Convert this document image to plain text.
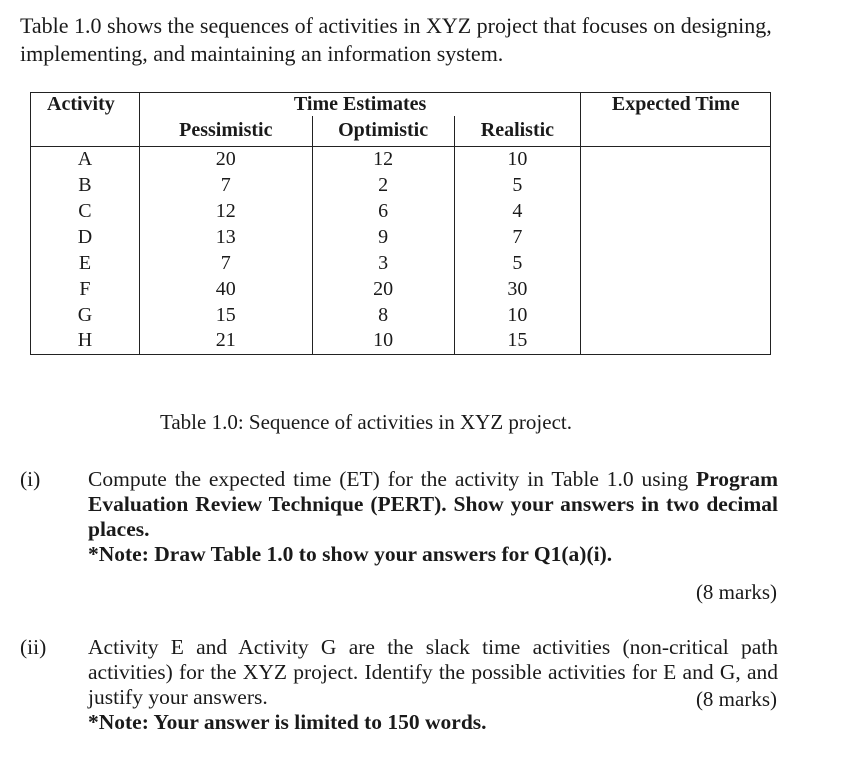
Table 1.0 shows the sequences of activities in XYZ project that focuses on designing, implementing, and maintaining an information system.
Activity	Time Estimates			Expected Time
	Pessimistic	Optimistic	Realistic	
A	20	12	10	
B	7	2	5	
C	12	6	4	
D	13	9	7	
E	7	3	5	
F	40	20	30	
G	15	8	10	
H	21	10	15	
Table 1.0: Sequence of activities in XYZ project.
(i) Compute the expected time (ET) for the activity in Table 1.0 using Program Evaluation Review Technique (PERT). Show your answers in two decimal places.
*Note: Draw Table 1.0 to show your answers for Q1(a)(i).
(8 marks)
(ii) Activity E and Activity G are the slack time activities (non-critical path activities) for the XYZ project. Identify the possible activities for E and G, and justify your answers.
*Note: Your answer is limited to 150 words.
(8 marks)
